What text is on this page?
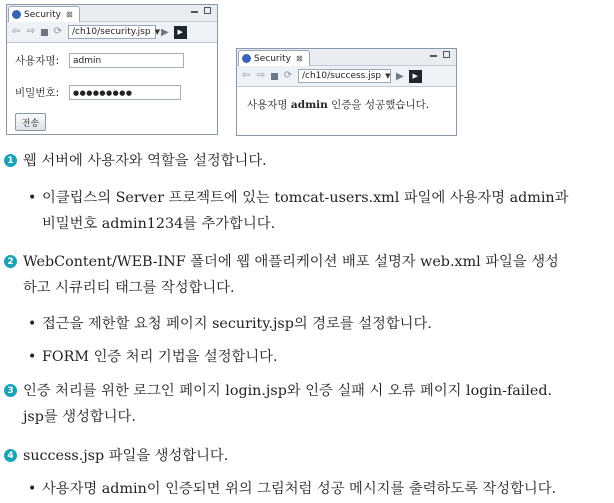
Security ⊠
⇦ ⇨ ⟳ /ch10/security.jsp ▼ ▶	▶
사용자명:	admin
비밀번호:	●●●●●●●●●
전송
Security ⊠
⇦ ⇨ ⟳ /ch10/success.jsp ▼ ▶	▶
사용자명 admin 인증을 성공했습니다.
1 웹 서버에 사용자와 역할을 설정합니다.
• 이클립스의 Server 프로젝트에 있는 tomcat-users.xml 파일에 사용자명 admin과
비밀번호 admin1234를 추가합니다.
2 WebContent/WEB-INF 폴더에 웹 애플리케이션 배포 설명자 web.xml 파일을 생성
하고 시큐리티 태그를 작성합니다.
• 접근을 제한할 요청 페이지 security.jsp의 경로를 설정합니다.
• FORM 인증 처리 기법을 설정합니다.
3 인증 처리를 위한 로그인 페이지 login.jsp와 인증 실패 시 오류 페이지 login-failed.
jsp를 생성합니다.
4 success.jsp 파일을 생성합니다.
• 사용자명 admin이 인증되면 위의 그림처럼 성공 메시지를 출력하도록 작성합니다.
